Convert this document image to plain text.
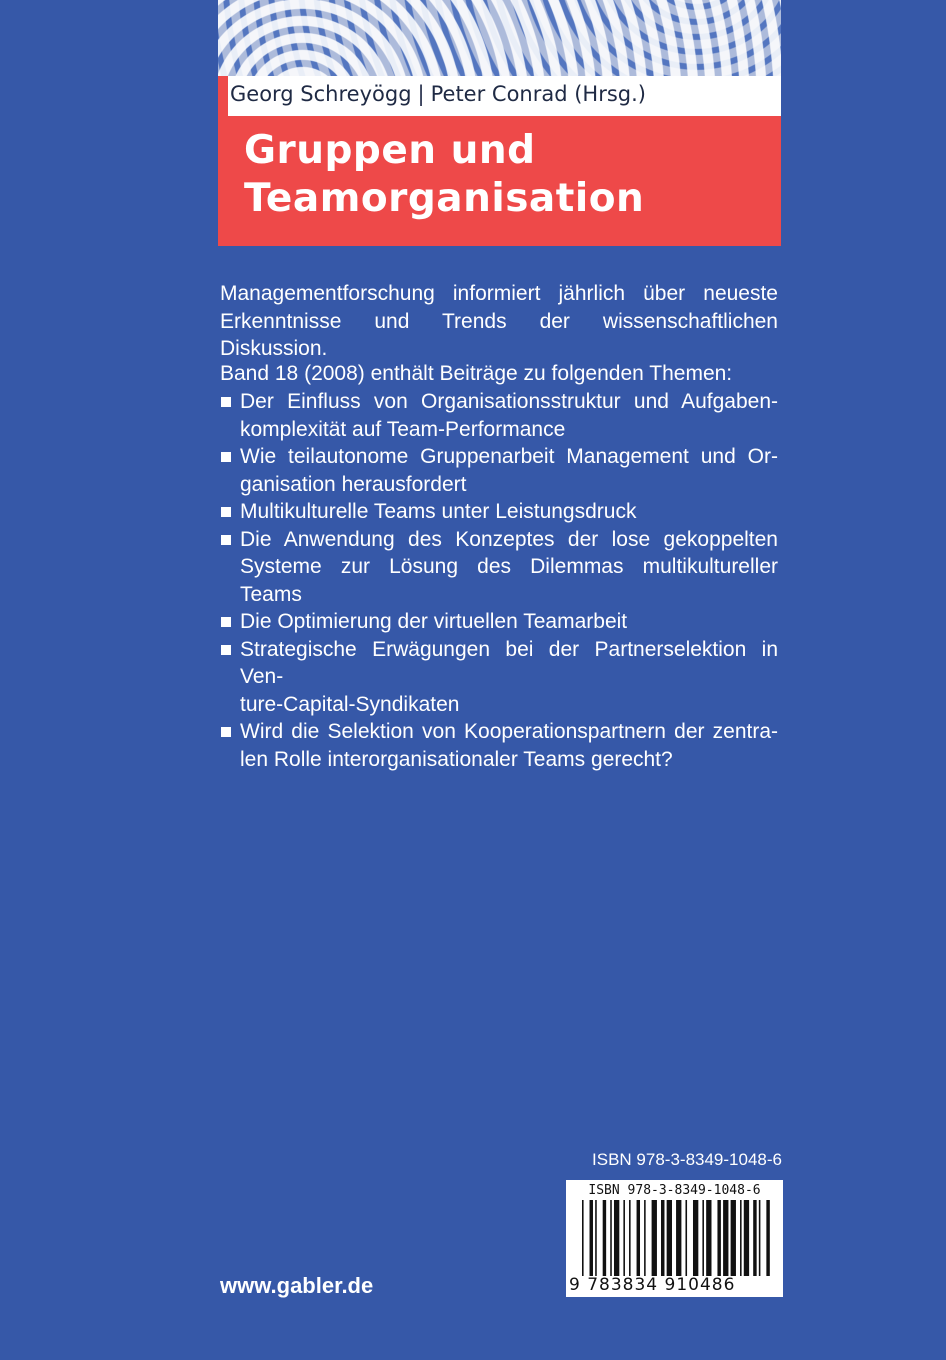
Georg Schreyögg | Peter Conrad (Hrsg.)
Gruppen und
Teamorganisation
Managementforschung informiert jährlich über neueste Erkenntnisse und Trends der wissenschaftlichen Diskussion.
Band 18 (2008) enthält Beiträge zu folgenden Themen:
Der Einfluss von Organisationsstruktur und Aufgaben-
komplexität auf Team-Performance
Wie teilautonome Gruppenarbeit Management und Or-
ganisation herausfordert
Multikulturelle Teams unter Leistungsdruck
Die Anwendung des Konzeptes der lose gekoppelten
Systeme zur Lösung des Dilemmas multikultureller Teams
Die Optimierung der virtuellen Teamarbeit
Strategische Erwägungen bei der Partnerselektion in Ven-
ture-Capital-Syndikaten
Wird die Selektion von Kooperationspartnern der zentra-
len Rolle interorganisationaler Teams gerecht?
ISBN 978-3-8349-1048-6
ISBN 978-3-8349-1048-6
9 783834 910486
www.gabler.de
